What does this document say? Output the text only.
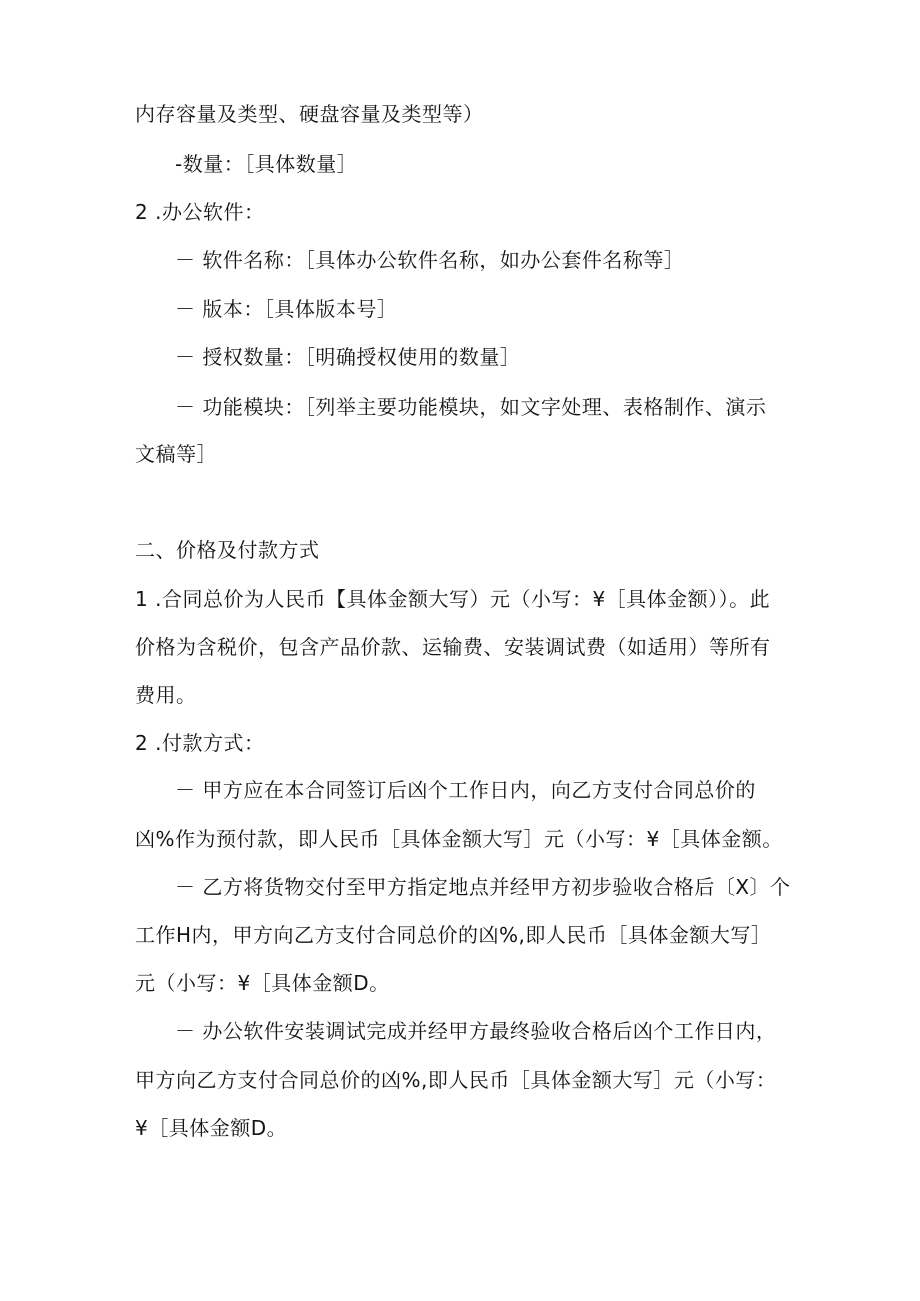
内存容量及类型、硬盘容量及类型等）
-数量：［具体数量］
2 .办公软件：
－ 软件名称：［具体办公软件名称，如办公套件名称等］
－ 版本：［具体版本号］
－ 授权数量：［明确授权使用的数量］
－ 功能模块：［列举主要功能模块，如文字处理、表格制作、演示
文稿等］
二、价格及付款方式
1 .合同总价为人民币【具体金额大写）元（小写：¥［具体金额））。此
价格为含税价，包含产品价款、运输费、安装调试费（如适用）等所有
费用。
2 .付款方式：
－ 甲方应在本合同签订后凶个工作日内，向乙方支付合同总价的
凶%作为预付款，即人民币［具体金额大写］元（小写：¥［具体金额。
－ 乙方将货物交付至甲方指定地点并经甲方初步验收合格后〔X〕个
工作H内，甲方向乙方支付合同总价的凶%,即人民币［具体金额大写］
元（小写：¥［具体金额D。
－ 办公软件安装调试完成并经甲方最终验收合格后凶个工作日内，
甲方向乙方支付合同总价的凶%,即人民币［具体金额大写］元（小写：
¥［具体金额D。
